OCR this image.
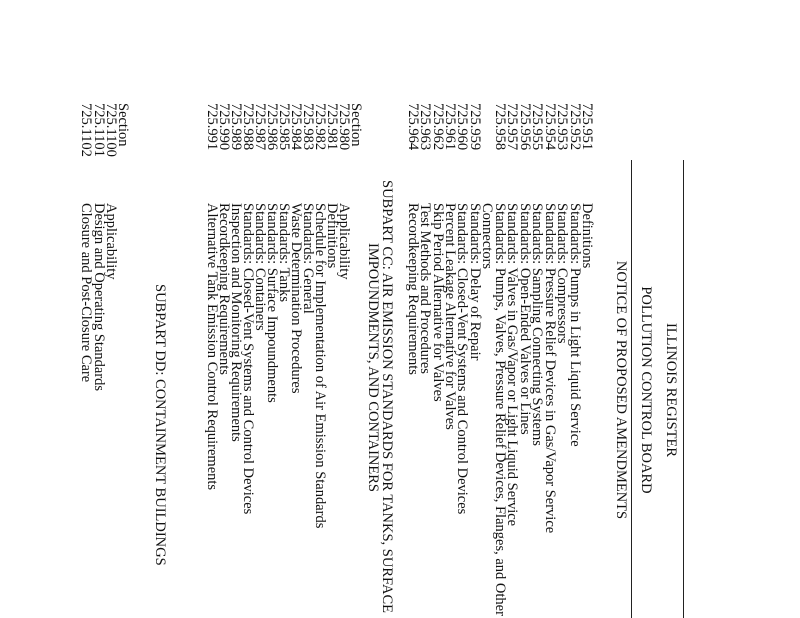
ILLINOIS REGISTER
POLLUTION CONTROL BOARD
NOTICE OF PROPOSED AMENDMENTS
725.951
Definitions
725.952
Standards: Pumps in Light Liquid Service
725.953
Standards: Compressors
725.954
Standards: Pressure Relief Devices in Gas/Vapor Service
725.955
Standards: Sampling Connecting Systems
725.956
Standards: Open-Ended Valves or Lines
725.957
Standards: Valves in Gas/Vapor or Light Liquid Service
725.958
Standards: Pumps, Valves, Pressure Relief Devices, Flanges, and Other
Connectors
725.959
Standards: Delay of Repair
725.960
Standards: Closed-Vent Systems and Control Devices
725.961
Percent Leakage Alternative for Valves
725.962
Skip Period Alternative for Valves
725.963
Test Methods and Procedures
725.964
Recordkeeping Requirements
SUBPART CC: AIR EMISSION STANDARDS FOR TANKS, SURFACE
IMPOUNDMENTS, AND CONTAINERS
Section
725.980
Applicability
725.981
Definitions
725.982
Schedule for Implementation of Air Emission Standards
725.983
Standards: General
725.984
Waste Determination Procedures
725.985
Standards: Tanks
725.986
Standards: Surface Impoundments
725.987
Standards: Containers
725.988
Standards: Closed-Vent Systems and Control Devices
725.989
Inspection and Monitoring Requirements
725.990
Recordkeeping Requirements
725.991
Alternative Tank Emission Control Requirements
SUBPART DD: CONTAINMENT BUILDINGS
Section
725.1100
Applicability
725.1101
Design and Operating Standards
725.1102
Closure and Post-Closure Care
